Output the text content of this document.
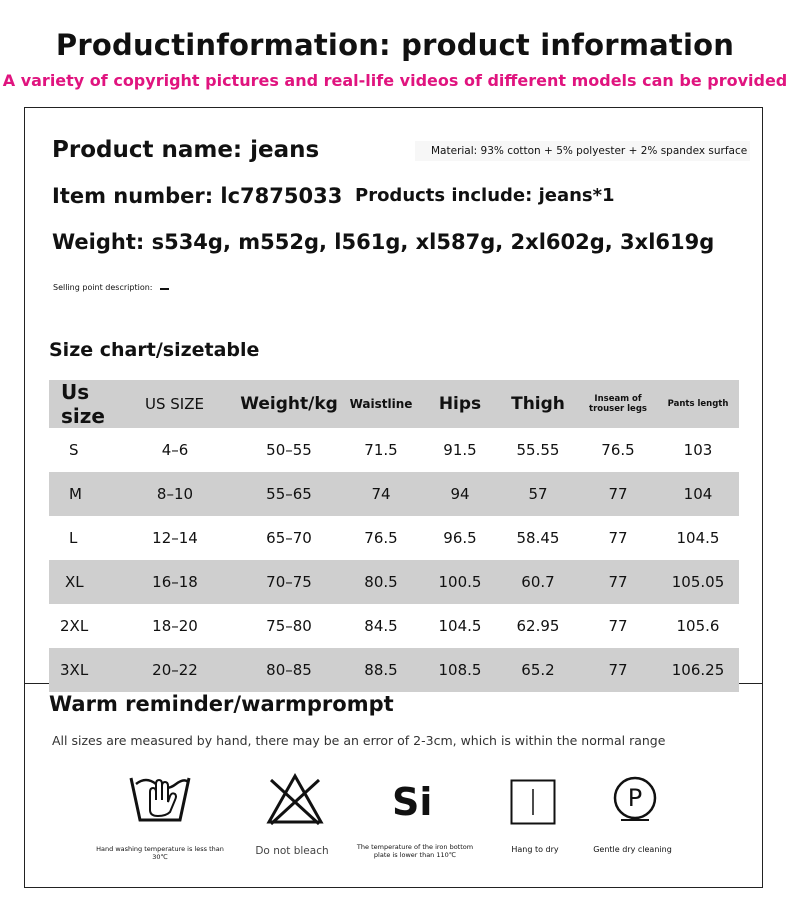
Productinformation: product information
A variety of copyright pictures and real-life videos of different models can be provided
Product name: jeans	Material: 93% cotton + 5% polyester + 2% spandex surface
Item number: lc7875033 Products include: jeans*1
Weight: s534g, m552g, l561g, xl587g, 2xl602g, 3xl619g
Selling point description:
Size chart/sizetable
Us size	US SIZE	Weight/kg	Waistline	Hips	Thigh	Inseam of trouser legs	Pants length
S	4–6	50–55	71.5	91.5	55.55	76.5	103
M	8–10	55–65	74	94	57	77	104
L	12–14	65–70	76.5	96.5	58.45	77	104.5
XL	16–18	70–75	80.5	100.5	60.7	77	105.05
2XL	18–20	75–80	84.5	104.5	62.95	77	105.6
3XL	20–22	80–85	88.5	108.5	65.2	77	106.25
Warm reminder/warmprompt
All sizes are measured by hand, there may be an error of 2-3cm, which is within the normal range
Hand washing temperature is less than 30℃	Do not bleach
Si
The temperature of the iron bottom plate is lower than 110℃
Hang to dry
P
Gentle dry cleaning
